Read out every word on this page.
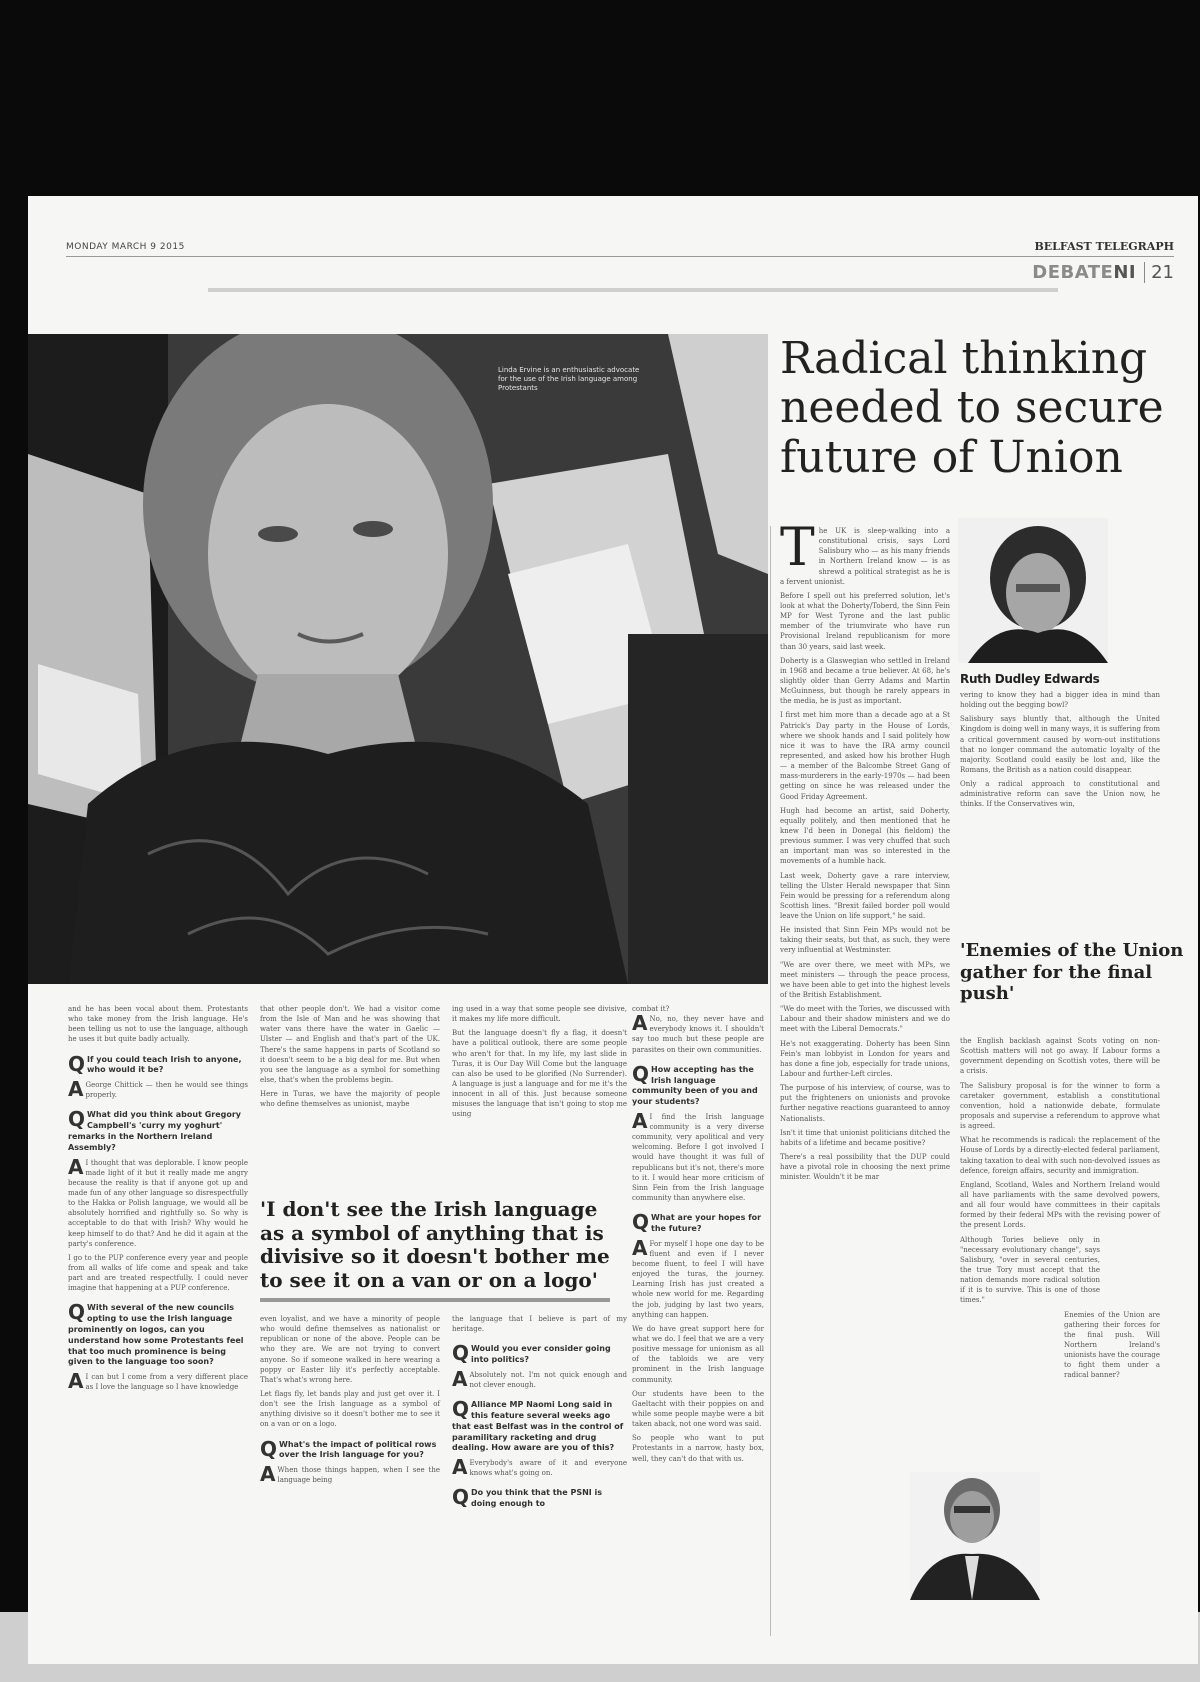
MONDAY MARCH 9 2015	BELFAST TELEGRAPH
DEBATENI 21
Linda Ervine is an enthusiastic advocate for the use of the Irish language among Protestants
Radical thinking needed to secure future of Union
Ruth Dudley Edwards
and he has been vocal about them. Protestants who take money from the Irish language. He's been telling us not to use the language, although he uses it but quite badly actually.
Q If you could teach Irish to anyone, who would it be?
A George Chittick — then he would see things properly.
Q What did you think about Gregory Campbell's 'curry my yoghurt' remarks in the Northern Ireland Assembly?
A I thought that was deplorable. I know people made light of it but it really made me angry because the reality is that if anyone got up and made fun of any other language so disrespectfully to the Hakka or Polish language, we would all be absolutely horrified and rightfully so. So why is acceptable to do that with Irish? Why would he keep himself to do that? And he did it again at the party's conference.
I go to the PUP conference every year and people from all walks of life come and speak and take part and are treated respectfully. I could never imagine that happening at a PUP conference.
Q With several of the new councils opting to use the Irish language prominently on logos, can you understand how some Protestants feel that too much prominence is being given to the language too soon?
A I can but I come from a very different place as I love the language so I have knowledge
that other people don't. We had a visitor come from the Isle of Man and he was showing that water vans there have the water in Gaelic — Ulster — and English and that's part of the UK. There's the same happens in parts of Scotland so it doesn't seem to be a big deal for me. But when you see the language as a symbol for something else, that's when the problems begin.
Here in Turas, we have the majority of people who define themselves as unionist, maybe
ing used in a way that some people see divisive, it makes my life more difficult.
But the language doesn't fly a flag, it doesn't have a political outlook, there are some people who aren't for that. In my life, my last slide in Turas, it is Our Day Will Come but the language can also be used to be glorified (No Surrender). A language is just a language and for me it's the innocent in all of this. Just because someone misuses the language that isn't going to stop me using
'I don't see the Irish language as a symbol of anything that is divisive so it doesn't bother me to see it on a van or on a logo'
even loyalist, and we have a minority of people who would define themselves as nationalist or republican or none of the above. People can be who they are. We are not trying to convert anyone. So if someone walked in here wearing a poppy or Easter lily it's perfectly acceptable. That's what's wrong here.
Let flags fly, let bands play and just get over it. I don't see the Irish language as a symbol of anything divisive so it doesn't bother me to see it on a van or on a logo.
Q What's the impact of political rows over the Irish language for you?
A When those things happen, when I see the language being
the language that I believe is part of my heritage.
Q Would you ever consider going into politics?
A Absolutely not. I'm not quick enough and not clever enough.
Q Alliance MP Naomi Long said in this feature several weeks ago that east Belfast was in the control of paramilitary racketing and drug dealing. How aware are you of this?
A Everybody's aware of it and everyone knows what's going on.
Q Do you think that the PSNI is doing enough to
combat it?
A No, no, they never have and everybody knows it. I shouldn't say too much but these people are parasites on their own communities.
Q How accepting has the Irish language community been of you and your students?
A I find the Irish language community is a very diverse community, very apolitical and very welcoming. Before I got involved I would have thought it was full of republicans but it's not, there's more to it. I would hear more criticism of Sinn Fein from the Irish language community than anywhere else.
Q What are your hopes for the future?
A For myself I hope one day to be fluent and even if I never become fluent, to feel I will have enjoyed the turas, the journey. Learning Irish has just created a whole new world for me. Regarding the job, judging by last two years, anything can happen.
We do have great support here for what we do. I feel that we are a very positive message for unionism as all of the tabloids we are very prominent in the Irish language community.
Our students have been to the Gaeltacht with their poppies on and while some people maybe were a bit taken aback, not one word was said.
So people who want to put Protestants in a narrow, hasty box, well, they can't do that with us.
The UK is sleep-walking into a constitutional crisis, says Lord Salisbury who — as his many friends in Northern Ireland know — is as shrewd a political strategist as he is a fervent unionist.
Before I spell out his preferred solution, let's look at what the Doherty/Toberd, the Sinn Fein MP for West Tyrone and the last public member of the triumvirate who have run Provisional Ireland republicanism for more than 30 years, said last week.
Doherty is a Glaswegian who settled in Ireland in 1968 and became a true believer. At 68, he's slightly older than Gerry Adams and Martin McGuinness, but though he rarely appears in the media, he is just as important.
I first met him more than a decade ago at a St Patrick's Day party in the House of Lords, where we shook hands and I said politely how nice it was to have the IRA army council represented, and asked how his brother Hugh — a member of the Balcombe Street Gang of mass-murderers in the early-1970s — had been getting on since he was released under the Good Friday Agreement.
Hugh had become an artist, said Doherty, equally politely, and then mentioned that he knew I'd been in Donegal (his fieldom) the previous summer. I was very chuffed that such an important man was so interested in the movements of a humble hack.
Last week, Doherty gave a rare interview, telling the Ulster Herald newspaper that Sinn Fein would be pressing for a referendum along Scottish lines. "Brexit failed border poll would leave the Union on life support," he said.
He insisted that Sinn Fein MPs would not be taking their seats, but that, as such, they were very influential at Westminster.
"We are over there, we meet with MPs, we meet ministers — through the peace process, we have been able to get into the highest levels of the British Establishment.
"We do meet with the Tories, we discussed with Labour and their shadow ministers and we do meet with the Liberal Democrats."
He's not exaggerating. Doherty has been Sinn Fein's man lobbyist in London for years and has done a fine job, especially for trade unions, Labour and further-Left circles.
The purpose of his interview, of course, was to put the frighteners on unionists and provoke further negative reactions guaranteed to annoy Nationalists.
Isn't it time that unionist politicians ditched the habits of a lifetime and became positive?
There's a real possibility that the DUP could have a pivotal role in choosing the next prime minister. Wouldn't it be mar
vering to know they had a bigger idea in mind than holding out the begging bowl?
Salisbury says bluntly that, although the United Kingdom is doing well in many ways, it is suffering from a critical government caused by worn-out institutions that no longer command the automatic loyalty of the majority. Scotland could easily be lost and, like the Romans, the British as a nation could disappear.
Only a radical approach to constitutional and administrative reform can save the Union now, he thinks. If the Conservatives win,
'Enemies of the Union gather for the final push'
the English backlash against Scots voting on non-Scottish matters will not go away. If Labour forms a government depending on Scottish votes, there will be a crisis.
The Salisbury proposal is for the winner to form a caretaker government, establish a constitutional convention, hold a nationwide debate, formulate proposals and supervise a referendum to approve what is agreed.
What he recommends is radical: the replacement of the House of Lords by a directly-elected federal parliament, taking taxation to deal with such non-devolved issues as defence, foreign affairs, security and immigration.
England, Scotland, Wales and Northern Ireland would all have parliaments with the same devolved powers, and all four would have committees in their capitals formed by their federal MPs with the revising power of the present Lords.
Although Tories believe only in "necessary evolutionary change", says Salisbury, "over in several centuries, the true Tory must accept that the nation demands more radical solution if it is to survive. This is one of those times."
Enemies of the Union are gathering their forces for the final push. Will Northern Ireland's unionists have the courage to fight them under a radical banner?
